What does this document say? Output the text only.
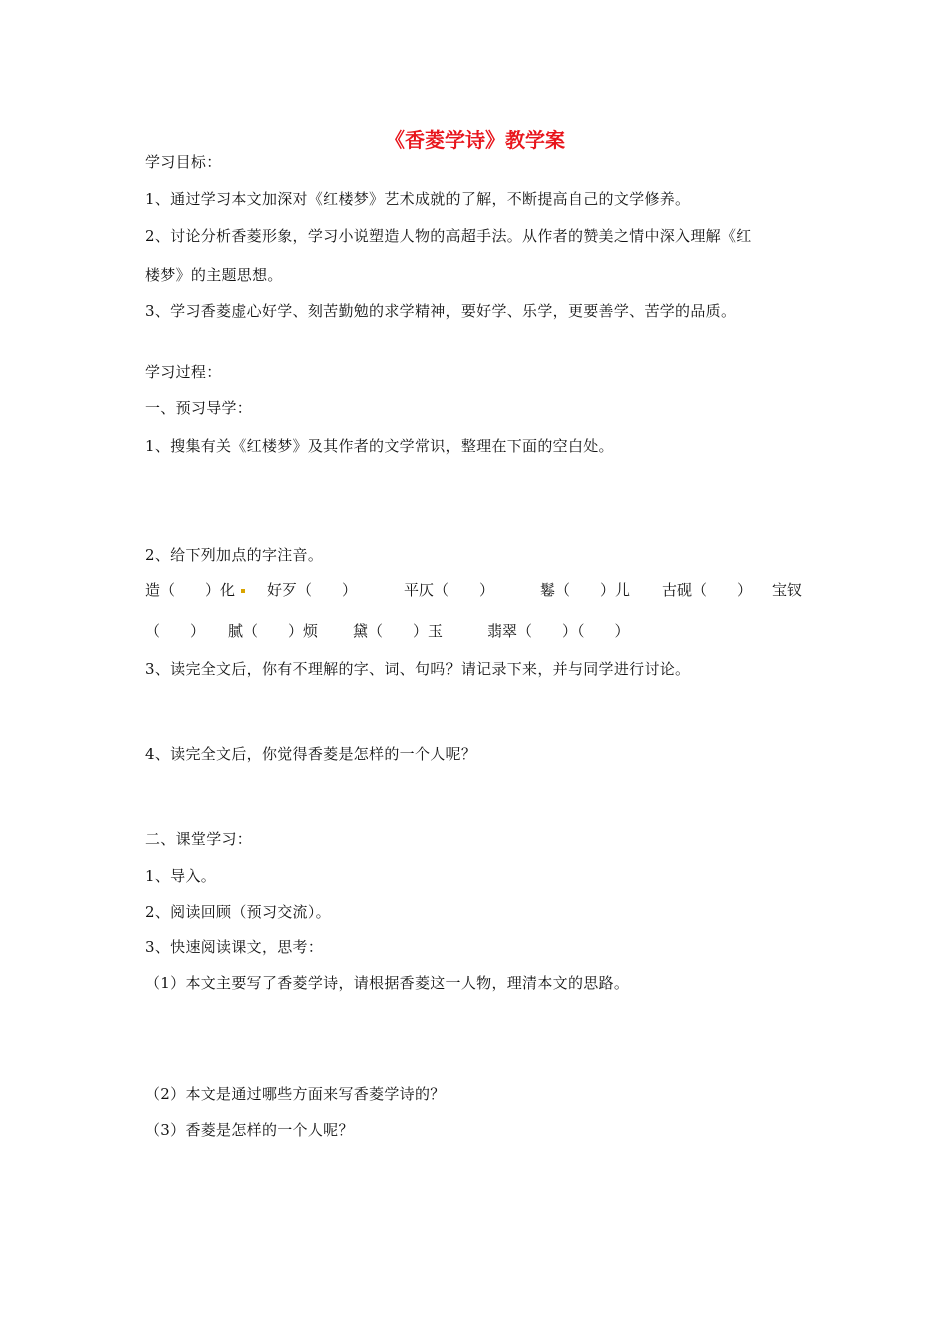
《香菱学诗》教学案
学习目标：
1、通过学习本文加深对《红楼梦》艺术成就的了解，不断提高自己的文学修养。
2、讨论分析香菱形象，学习小说塑造人物的高超手法。从作者的赞美之情中深入理解《红
楼梦》的主题思想。
3、学习香菱虚心好学、刻苦勤勉的求学精神，要好学、乐学，更要善学、苦学的品质。
学习过程：
一、预习导学：
1、搜集有关《红楼梦》及其作者的文学常识，整理在下面的空白处。
2、给下列加点的字注音。
造（　　）化	好歹（　　）	平仄（　　）	鬈（　　）儿 古砚（　　） 宝钗
（　　） 腻（　　）烦 黛（　　）玉	翡翠（　　）（　　）
3、读完全文后，你有不理解的字、词、句吗？请记录下来，并与同学进行讨论。
4、读完全文后，你觉得香菱是怎样的一个人呢？
二、课堂学习：
1、导入。
2、阅读回顾（预习交流）。
3、快速阅读课文，思考：
（1）本文主要写了香菱学诗，请根据香菱这一人物，理清本文的思路。
（2）本文是通过哪些方面来写香菱学诗的？
（3）香菱是怎样的一个人呢？
